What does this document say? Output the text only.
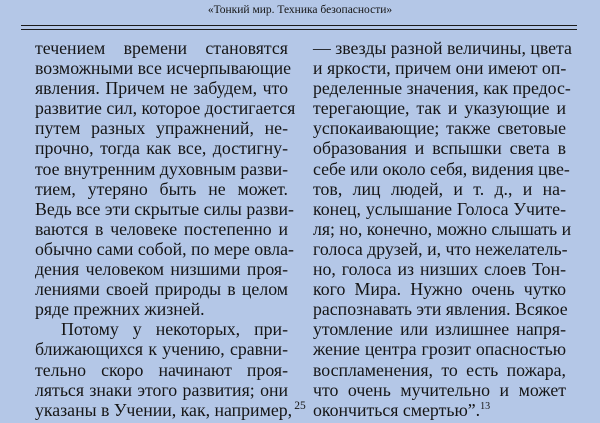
«Тонкий мир. Техника безопасности»
течением времени становятся
возможными все исчерпывающие
явления. Причем не забудем, что
развитие сил, которое достигается
путем разных упражнений, не-
прочно, тогда как все, достигну-
тое внутренним духовным разви-
тием, утеряно быть не может.
Ведь все эти скрытые силы разви-
ваются в человеке постепенно и
обычно сами собой, по мере овла-
дения человеком низшими проя-
лениями своей природы в целом
ряде прежних жизней.
Потому у некоторых, при-
ближающихся к учению, сравни-
тельно скоро начинают проя-
ляться знаки этого развития; они
указаны в Учении, как, например,
— звезды разной величины, цвета
и яркости, причем они имеют оп-
ределенные значения, как предос-
терегающие, так и указующие и
успокаивающие; также световые
образования и вспышки света в
себе или около себя, видения цве-
тов, лиц людей, и т. д., и на-
конец, услышание Голоса Учите-
ля; но, конечно, можно слышать и
голоса друзей, и, что нежелатель-
но, голоса из низших слоев Тон-
кого Мира. Нужно очень чутко
распознавать эти явления. Всякое
утомление или излишнее напря-
жение центра грозит опасностью
воспламенения, то есть пожара,
что очень мучительно и может
окончиться смертью”.$^{13}$
25
